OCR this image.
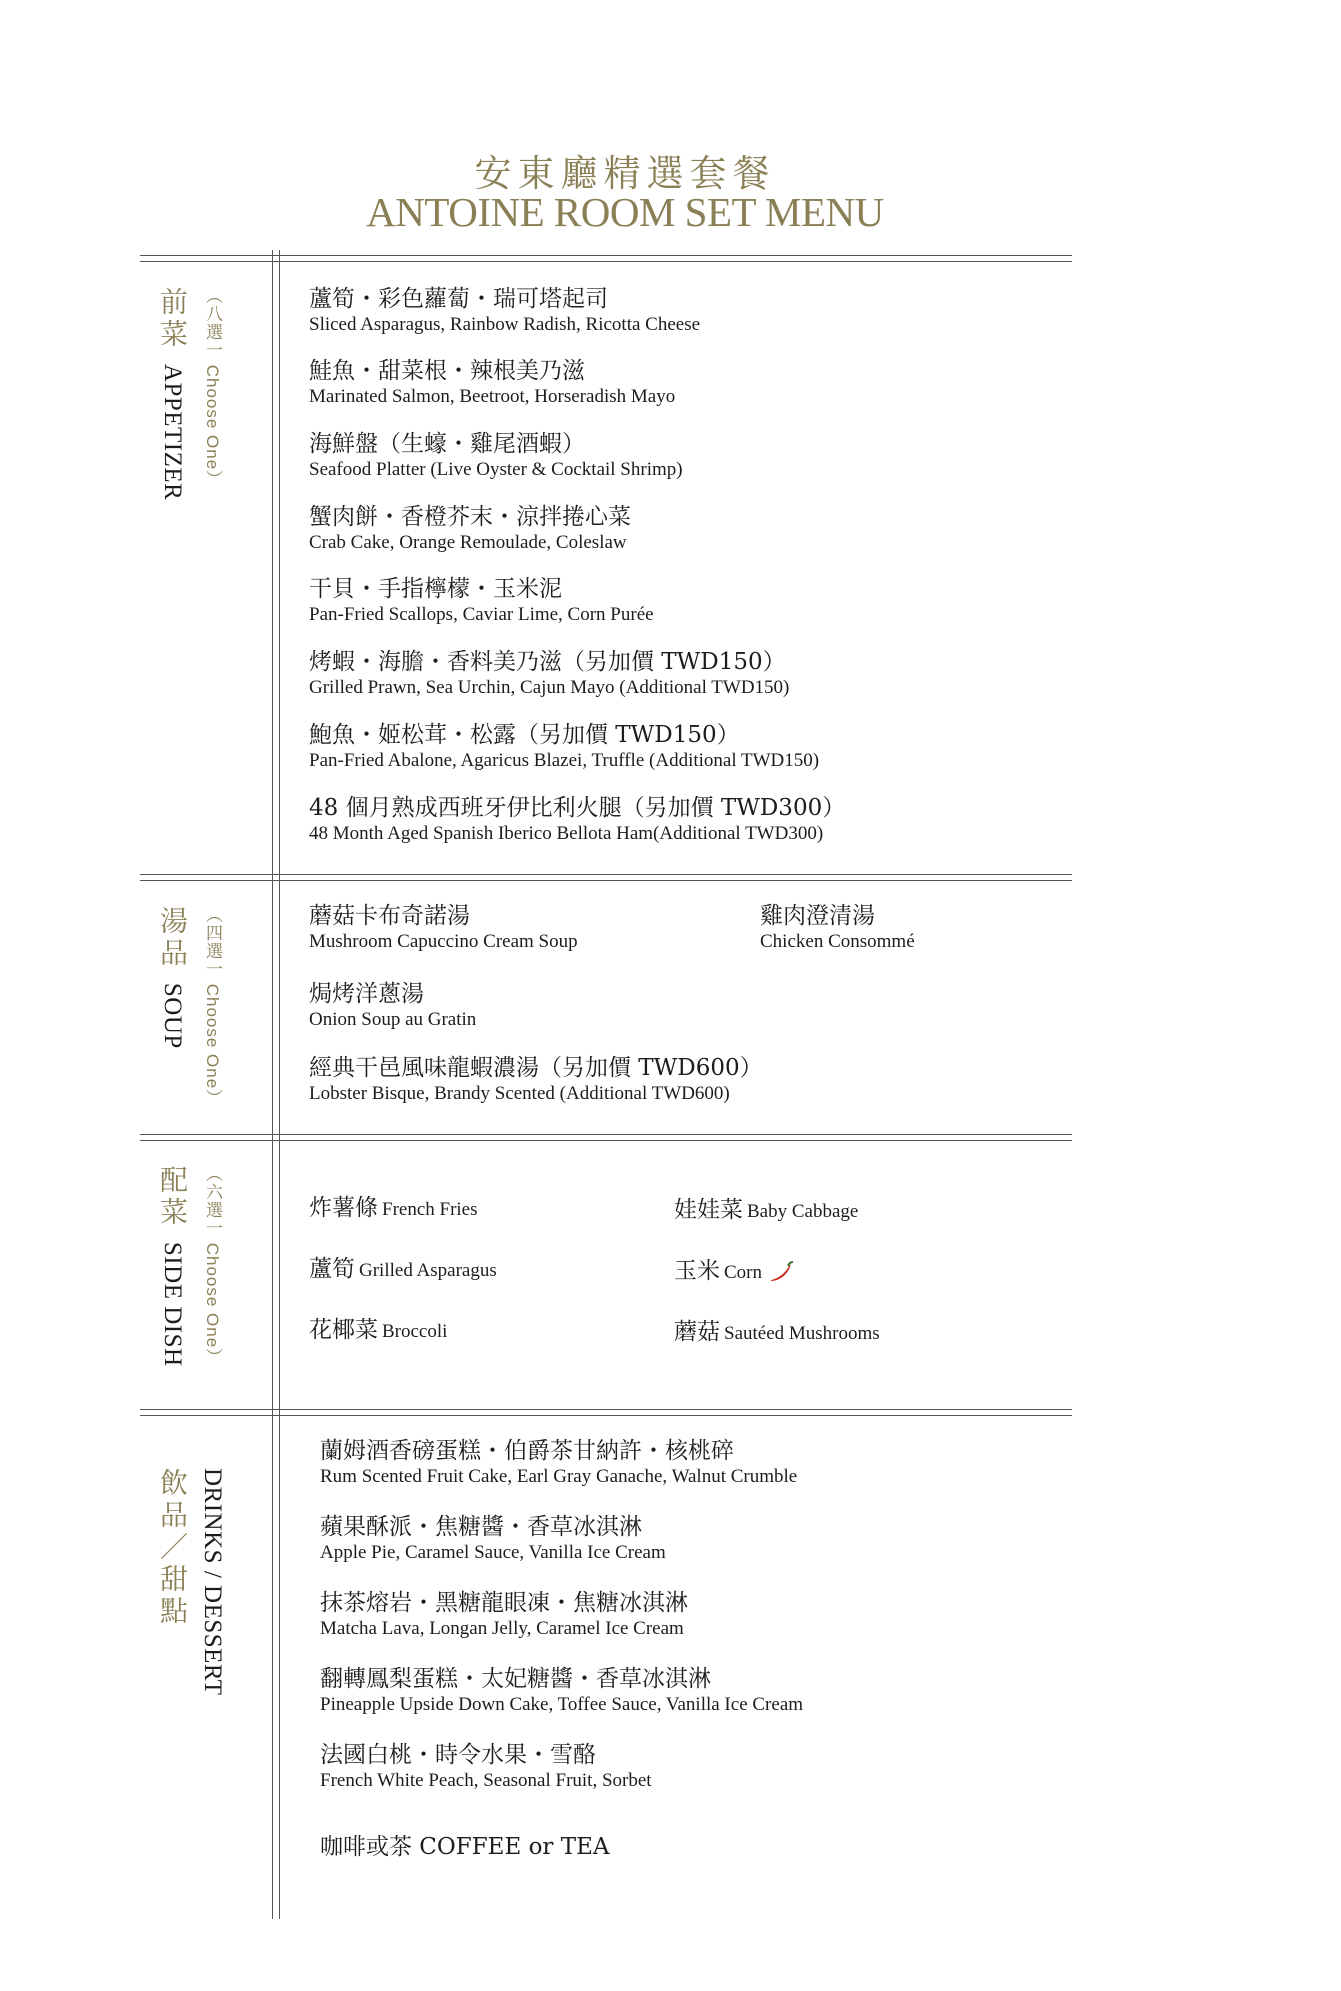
安東廳精選套餐
ANTOINE ROOM SET MENU
前菜 APPETIZER （八選一 Choose One）	蘆筍・彩色蘿蔔・瑞可塔起司
Sliced Asparagus, Rainbow Radish, Ricotta Cheese
鮭魚・甜菜根・辣根美乃滋
Marinated Salmon, Beetroot, Horseradish Mayo
海鮮盤（生蠔・雞尾酒蝦）
Seafood Platter (Live Oyster & Cocktail Shrimp)
蟹肉餅・香橙芥末・涼拌捲心菜
Crab Cake, Orange Remoulade, Coleslaw
干貝・手指檸檬・玉米泥
Pan-Fried Scallops, Caviar Lime, Corn Purée
烤蝦・海膽・香料美乃滋（另加價 TWD150）
Grilled Prawn, Sea Urchin, Cajun Mayo (Additional TWD150)
鮑魚・姬松茸・松露（另加價 TWD150）
Pan-Fried Abalone, Agaricus Blazei, Truffle (Additional TWD150)
48 個月熟成西班牙伊比利火腿（另加價 TWD300）
48 Month Aged Spanish Iberico Bellota Ham(Additional TWD300)
湯品 SOUP （四選一 Choose One）	蘑菇卡布奇諾湯
Mushroom Capuccino Cream Soup
雞肉澄清湯
Chicken Consommé
焗烤洋蔥湯
Onion Soup au Gratin
經典干邑風味龍蝦濃湯（另加價 TWD600）
Lobster Bisque, Brandy Scented (Additional TWD600)
配菜 SIDE DISH （六選一 Choose One）	炸薯條 French Fries	娃娃菜 Baby Cabbage
蘆筍 Grilled Asparagus	玉米 Corn
花椰菜 Broccoli	蘑菇 Sautéed Mushrooms
飲品／甜點 DRINKS / DESSERT
蘭姆酒香磅蛋糕・伯爵茶甘納許・核桃碎
Rum Scented Fruit Cake, Earl Gray Ganache, Walnut Crumble
蘋果酥派・焦糖醬・香草冰淇淋
Apple Pie, Caramel Sauce, Vanilla Ice Cream
抹茶熔岩・黑糖龍眼凍・焦糖冰淇淋
Matcha Lava, Longan Jelly, Caramel Ice Cream
翻轉鳳梨蛋糕・太妃糖醬・香草冰淇淋
Pineapple Upside Down Cake, Toffee Sauce, Vanilla Ice Cream
法國白桃・時令水果・雪酪
French White Peach, Seasonal Fruit, Sorbet
咖啡或茶 COFFEE or TEA
